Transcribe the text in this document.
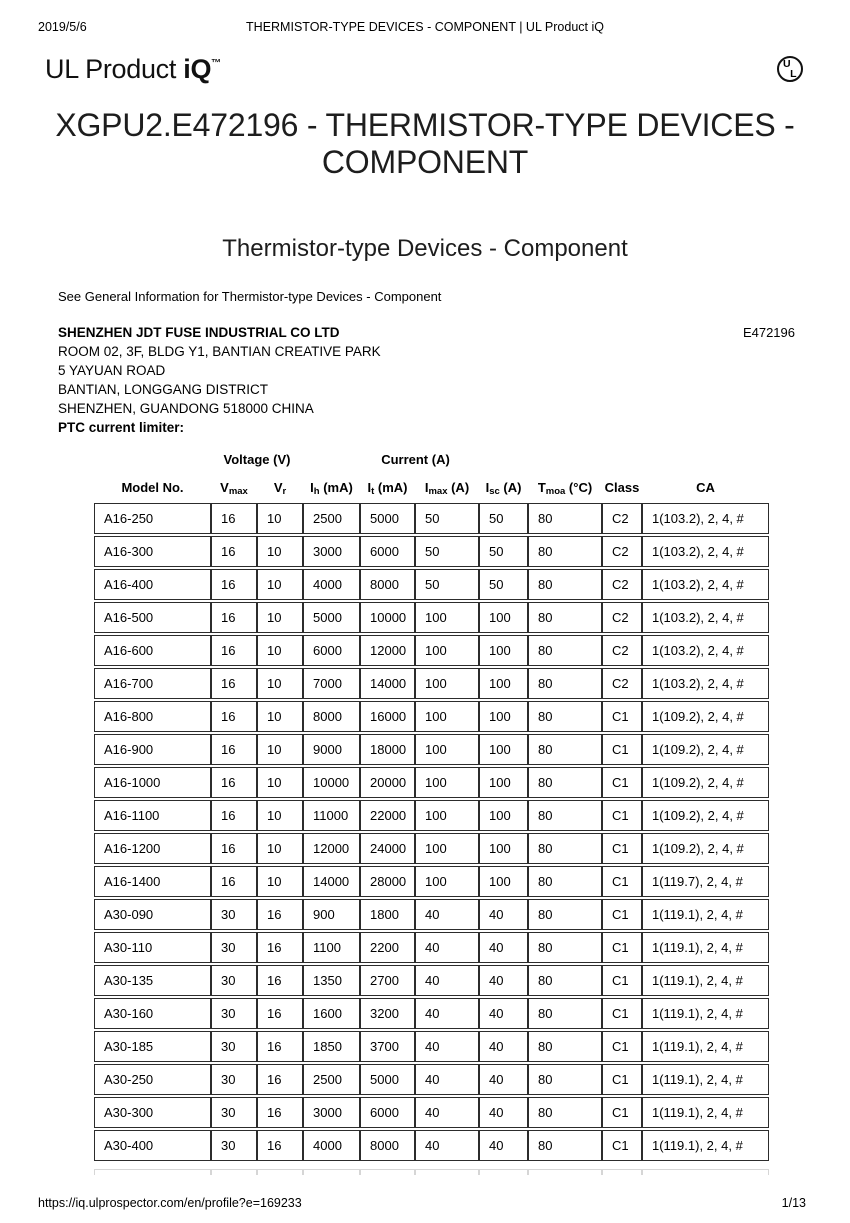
2019/5/6	THERMISTOR-TYPE DEVICES - COMPONENT | UL Product iQ
UL Product iQ™	U
L
XGPU2.E472196 - THERMISTOR-TYPE DEVICES -
COMPONENT
Thermistor-type Devices - Component

See General Information for Thermistor-type Devices - Component

SHENZHEN JDT FUSE INDUSTRIAL CO LTD	E472196
ROOM 02, 3F, BLDG Y1, BANTIAN CREATIVE PARK
5 YAYUAN ROAD
BANTIAN, LONGGANG DISTRICT
SHENZHEN, GUANDONG 518000 CHINA
PTC current limiter:
	Voltage (V)		Current (A)						
Model No.	$V_{max}$	$V_r$	$I_h$ (mA)	$I_t$ (mA)	$I_{max}$ (A)	$I_{sc}$ (A)	$T_{moa}$ (°C)	Class	CA
A16-250	16	10	2500	5000	50	50	80	C2	1(103.2), 2, 4, #
A16-300	16	10	3000	6000	50	50	80	C2	1(103.2), 2, 4, #
A16-400	16	10	4000	8000	50	50	80	C2	1(103.2), 2, 4, #
A16-500	16	10	5000	10000	100	100	80	C2	1(103.2), 2, 4, #
A16-600	16	10	6000	12000	100	100	80	C2	1(103.2), 2, 4, #
A16-700	16	10	7000	14000	100	100	80	C2	1(103.2), 2, 4, #
A16-800	16	10	8000	16000	100	100	80	C1	1(109.2), 2, 4, #
A16-900	16	10	9000	18000	100	100	80	C1	1(109.2), 2, 4, #
A16-1000	16	10	10000	20000	100	100	80	C1	1(109.2), 2, 4, #
A16-1100	16	10	11000	22000	100	100	80	C1	1(109.2), 2, 4, #
A16-1200	16	10	12000	24000	100	100	80	C1	1(109.2), 2, 4, #
A16-1400	16	10	14000	28000	100	100	80	C1	1(119.7), 2, 4, #
A30-090	30	16	900	1800	40	40	80	C1	1(119.1), 2, 4, #
A30-110	30	16	1100	2200	40	40	80	C1	1(119.1), 2, 4, #
A30-135	30	16	1350	2700	40	40	80	C1	1(119.1), 2, 4, #
A30-160	30	16	1600	3200	40	40	80	C1	1(119.1), 2, 4, #
A30-185	30	16	1850	3700	40	40	80	C1	1(119.1), 2, 4, #
A30-250	30	16	2500	5000	40	40	80	C1	1(119.1), 2, 4, #
A30-300	30	16	3000	6000	40	40	80	C1	1(119.1), 2, 4, #
A30-400	30	16	4000	8000	40	40	80	C1	1(119.1), 2, 4, #

https://iq.ulprospector.com/en/profile?e=169233	1/13
